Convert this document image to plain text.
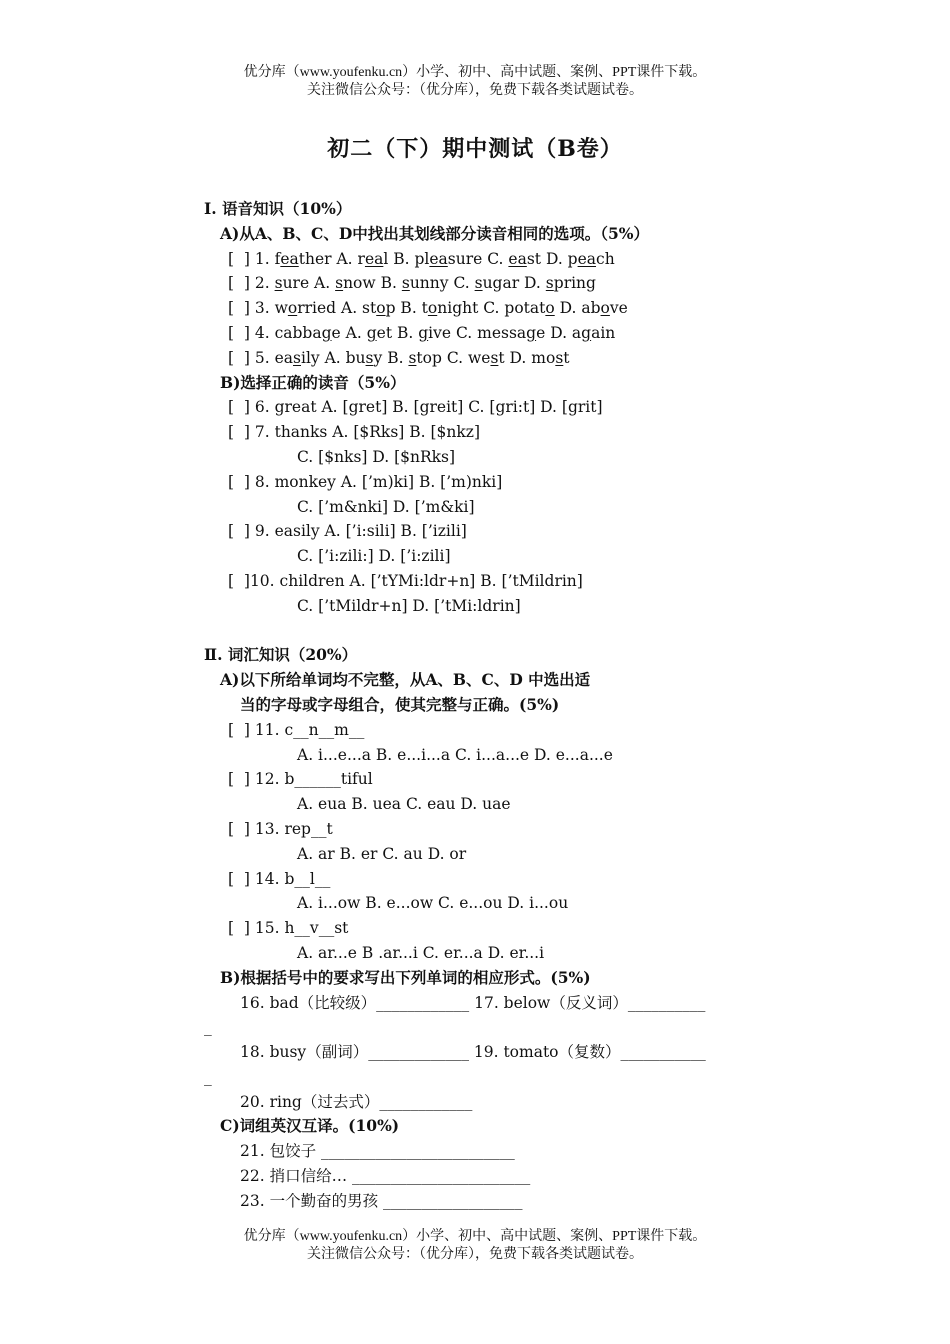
优分库（www.youfenku.cn）小学、初中、高中试题、案例、PPT课件下载。
关注微信公众号：（优分库），免费下载各类试题试卷。
初二（下）期中测试（B卷）
Ⅰ. 语音知识（10%）
A)从A、B、C、D中找出其划线部分读音相同的选项。（5%）
[  ] 1. feather A. real B. pleasure C. east D. peach
[  ] 2. sure A. snow B. sunny C. sugar D. spring
[  ] 3. worried A. stop B. tonight C. potato D. above
[  ] 4. cabbage A. get B. give C. message D. again
[  ] 5. easily A. busy B. stop C. west D. most
B)选择正确的读音（5%）
[  ] 6. great A. [gret] B. [greit] C. [gri:t] D. [grit]
[  ] 7. thanks A. [$Rks] B. [$nkz]
C. [$nks] D. [$nRks]
[  ] 8. monkey A. [’m)ki] B. [’m)nki]
C. [’m&nki] D. [’m&ki]
[  ] 9. easily A. [’i:sili] B. [’izili]
C. [’i:zili:] D. [’i:zili]
[  ]10. children A. [’tYMi:ldr+n] B. [’tMildrin]
C. [’tMildr+n] D. [’tMi:ldrin]
Ⅱ. 词汇知识（20%）
A)以下所给单词均不完整，从A、B、C、D 中选出适
当的字母或字母组合，使其完整与正确。(5%)
[  ] 11. c__n__m__
A. i...e...a B. e...i...a C. i...a...e D. e...a...e
[  ] 12. b______tiful
A. eua B. uea C. eau D. uae
[  ] 13. rep__t
A. ar B. er C. au D. or
[  ] 14. b__l__
A. i...ow B. e...ow C. e...ou D. i...ou
[  ] 15. h__v__st
A. ar...e B .ar...i C. er...a D. er...i
B)根据括号中的要求写出下列单词的相应形式。(5%)
16. bad（比较级）____________ 17. below（反义词）__________
_
18. busy（副词）_____________ 19. tomato（复数）___________
_
20. ring（过去式）____________
C)词组英汉互译。(10%)
21. 包饺子 _________________________
22. 捎口信给… _______________________
23. 一个勤奋的男孩 __________________
优分库（www.youfenku.cn）小学、初中、高中试题、案例、PPT课件下载。
关注微信公众号：（优分库），免费下载各类试题试卷。
